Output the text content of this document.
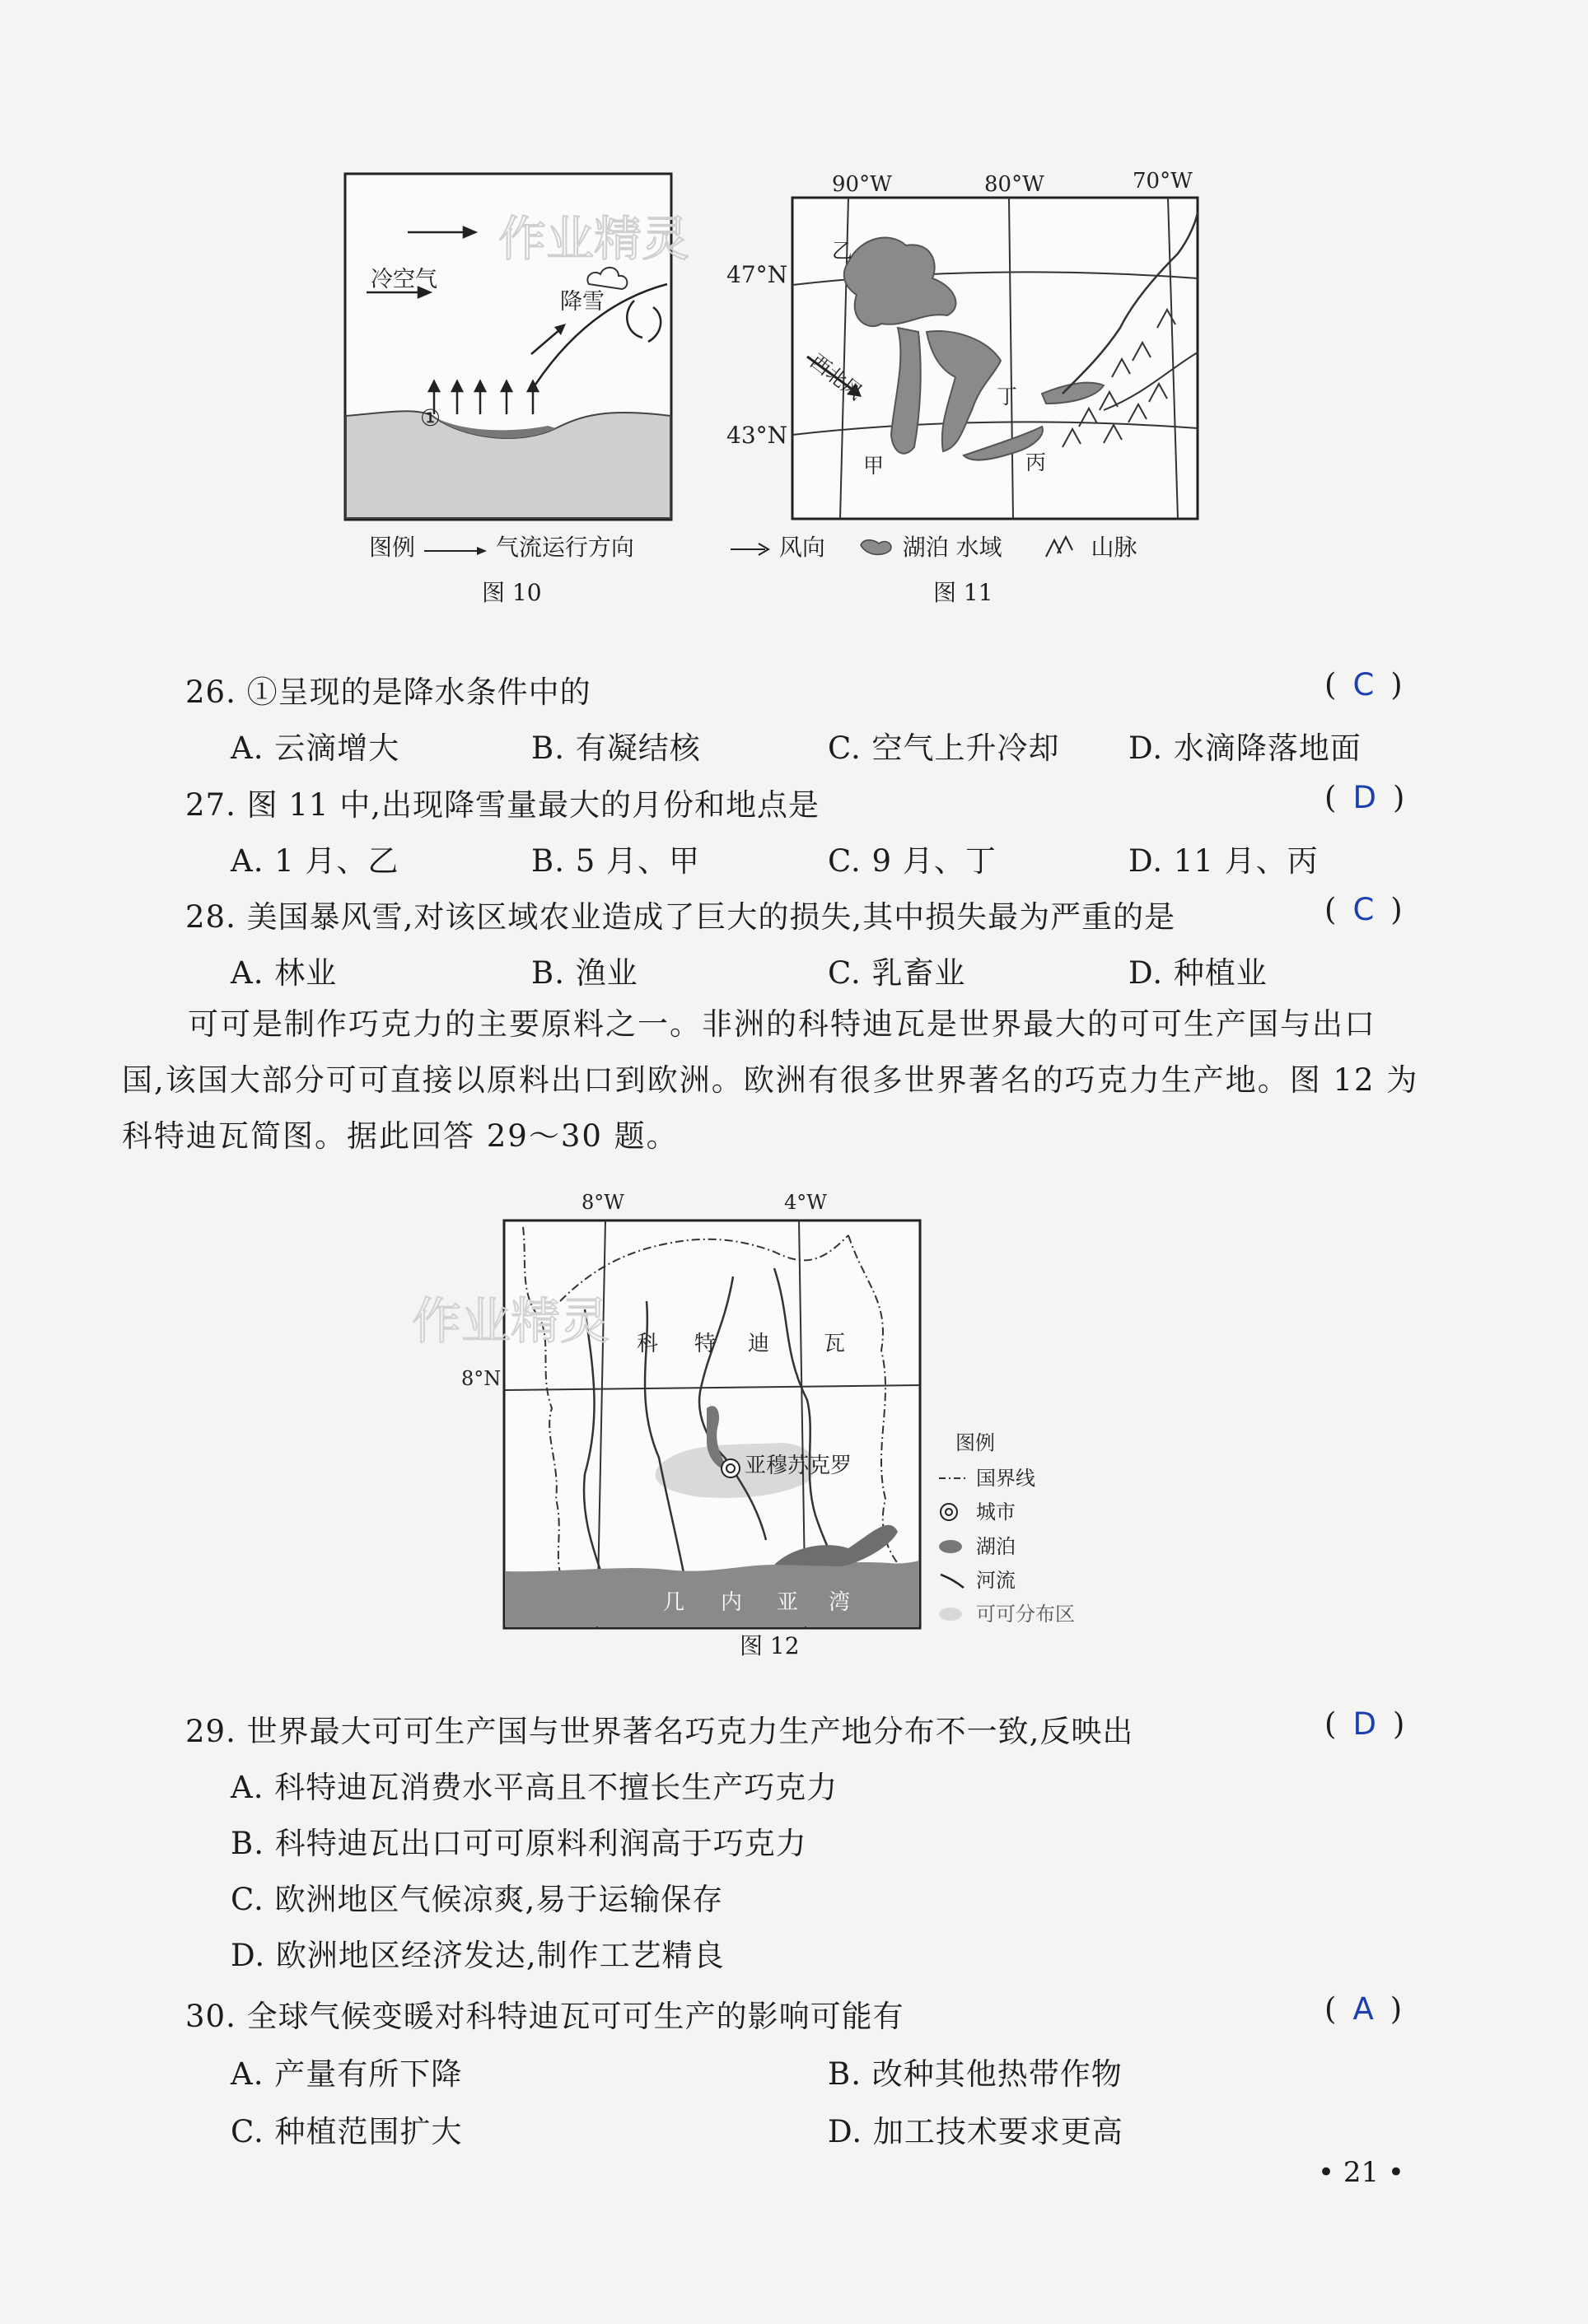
冷空气
降雪
①
作业精灵
图例	气流运行方向
图 10
90°W	80°W	70°W
47°N
43°N
西北风
乙
甲	丙
丁
风向	湖泊 水域	山脉
图 11
26. ①呈现的是降水条件中的	( C )
A. 云滴增大	B. 有凝结核	C. 空气上升冷却 D. 水滴降落地面
27. 图 11 中,出现降雪量最大的月份和地点是	( D )
A. 1 月、乙	B. 5 月、甲	C. 9 月、丁	D. 11 月、丙
28. 美国暴风雪,对该区域农业造成了巨大的损失,其中损失最为严重的是	( C )
A. 林业	B. 渔业	C. 乳畜业	D. 种植业

可可是制作巧克力的主要原料之一。非洲的科特迪瓦是世界最大的可可生产国与出口

国,该国大部分可可直接以原料出口到欧洲。欧洲有很多世界著名的巧克力生产地。图 12 为

科特迪瓦简图。据此回答 29～30 题。

8°W	4°W
8°N
亚穆苏克罗
科 特 迪	瓦
几 内 亚 湾
作业精灵
图例
国界线
城市
湖泊
河流
可可分布区
图 12
29. 世界最大可可生产国与世界著名巧克力生产地分布不一致,反映出	( D )
A. 科特迪瓦消费水平高且不擅长生产巧克力
B. 科特迪瓦出口可可原料利润高于巧克力
C. 欧洲地区气候凉爽,易于运输保存
D. 欧洲地区经济发达,制作工艺精良
30. 全球气候变暖对科特迪瓦可可生产的影响可能有	( A )
A. 产量有所下降	B. 改种其他热带作物
C. 种植范围扩大	D. 加工技术要求更高
• 21 •
